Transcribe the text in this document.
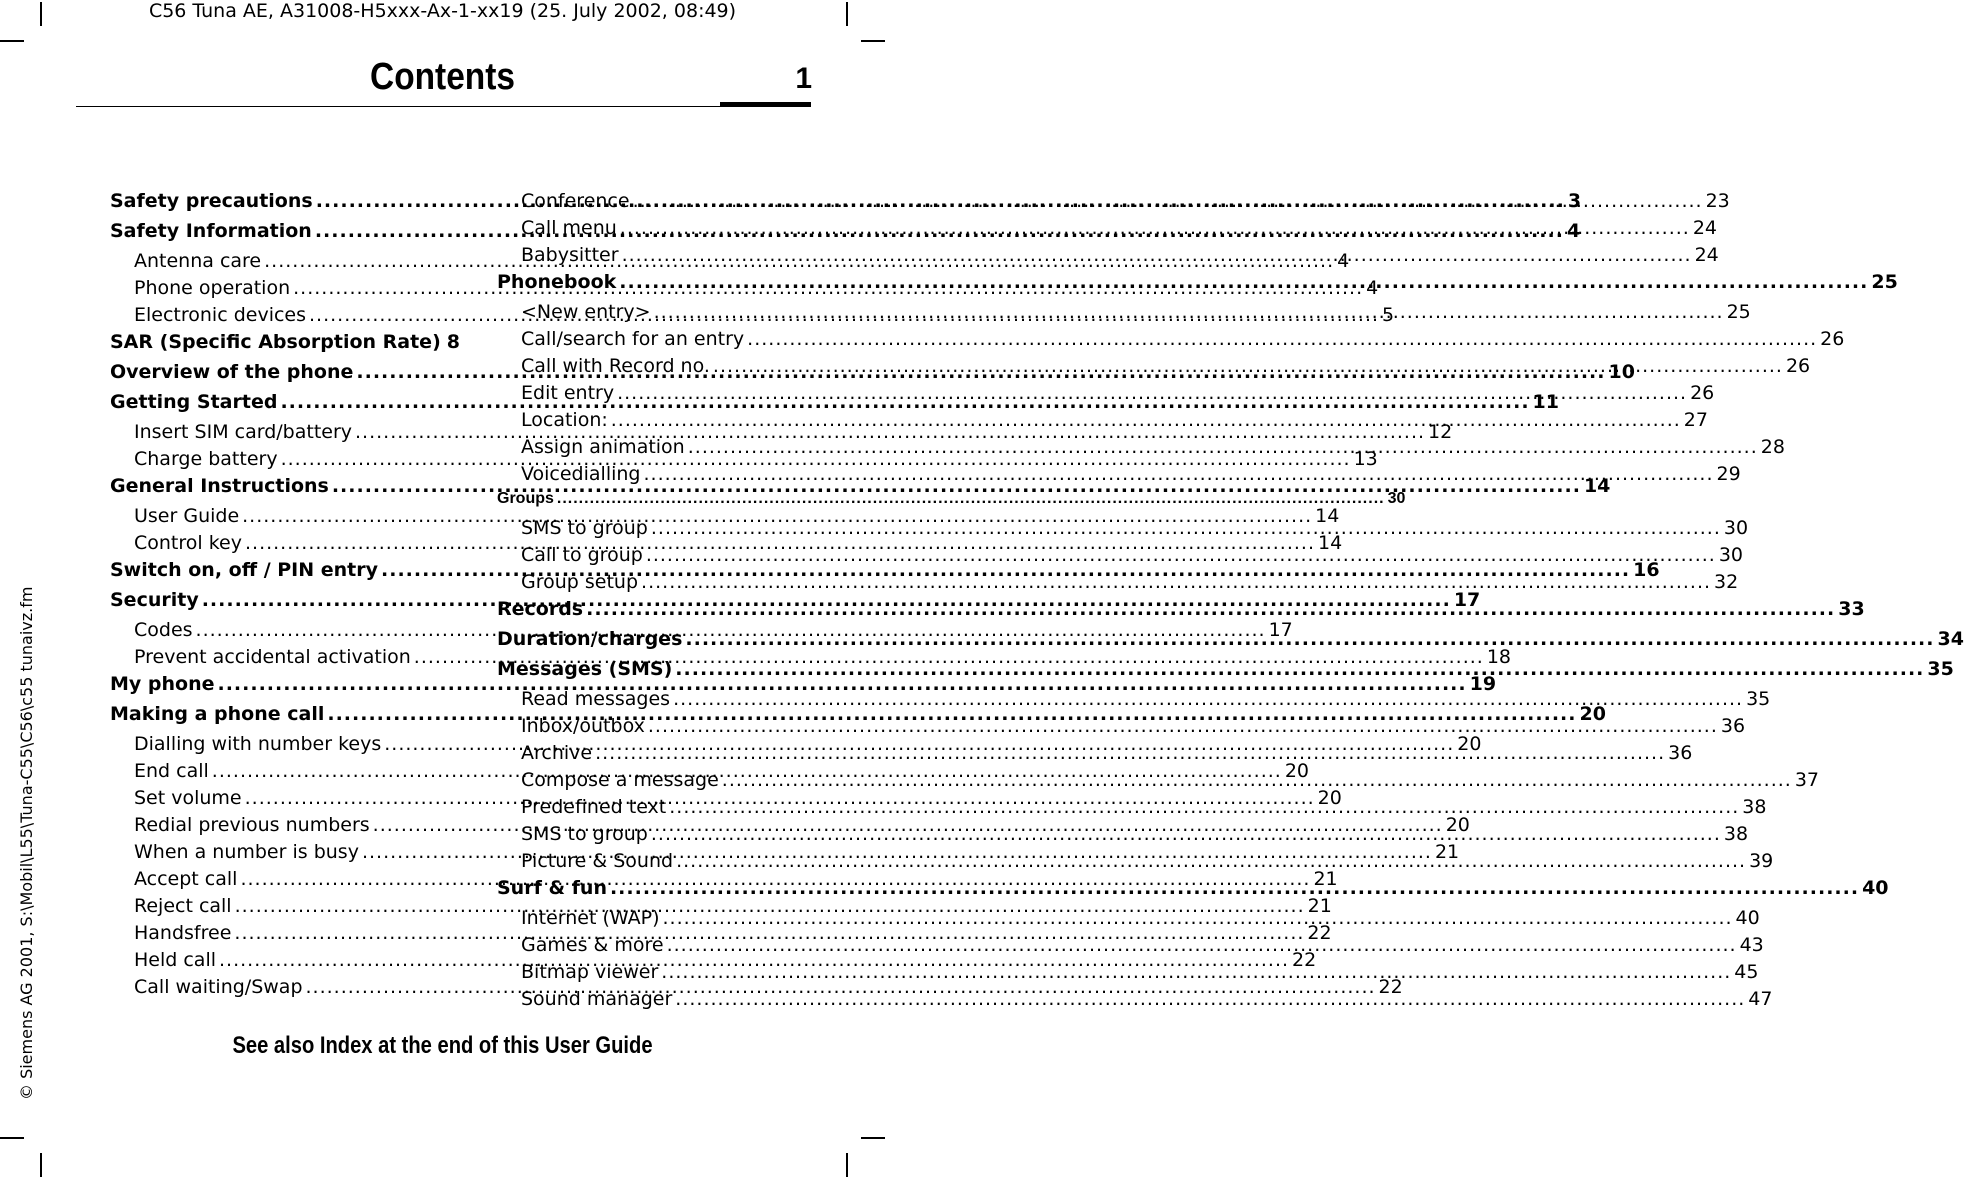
C56 Tuna AE, A31008-H5xxx-Ax-1-xx19 (25. July 2002, 08:49)
Contents	1
© Siemens AG 2001, S:\Mobil\L55\Tuna-C55\C56\c55 tunaivz.fm
Safety precautions .....	3
Safety Information .....	4
Antenna care .....	4
Phone operation .....	4
Electronic devices .....	5
SAR (Specific Absorption Rate) 8
Overview of the phone .....	10
Getting Started .....	11
Insert SIM card/battery .....	12
Charge battery .....	13
General Instructions .....	14
User Guide .....	14
Control key .....	14
Switch on, off / PIN entry .....	16
Security .....	17
Codes .....	17
Prevent accidental activation .....	18
My phone .....	19
Making a phone call .....	20
Dialling with number keys .....	20
End call .....	20
Set volume .....	20
Redial previous numbers .....	20
When a number is busy .....	21
Accept call .....	21
Reject call .....	21
Handsfree .....	22
Held call .....	22
Call waiting/Swap .....	22
Conference .....	23
Call menu .....	24
Babysitter .....	24
Phonebook .....	25
<New entry> .....	25
Call/search for an entry .....	26
Call with Record no. .....	26
Edit entry .....	26
Location: .....	27
Assign animation .....	28
Voicedialling .....	29
Groups .....	30
SMS to group .....	30
Call to group .....	30
Group setup .....	32
Records .....	33
Duration/charges .....	34
Messages (SMS) .....	35
Read messages .....	35
Inbox/outbox .....	36
Archive .....	36
Compose a message .....	37
Predefined text .....	38
SMS to group .....	38
Picture & Sound .....	39
Surf & fun .....	40
Internet (WAP) .....	40
Games & more .....	43
Bitmap viewer .....	45
Sound manager .....	47
See also Index at the end of this User Guide
